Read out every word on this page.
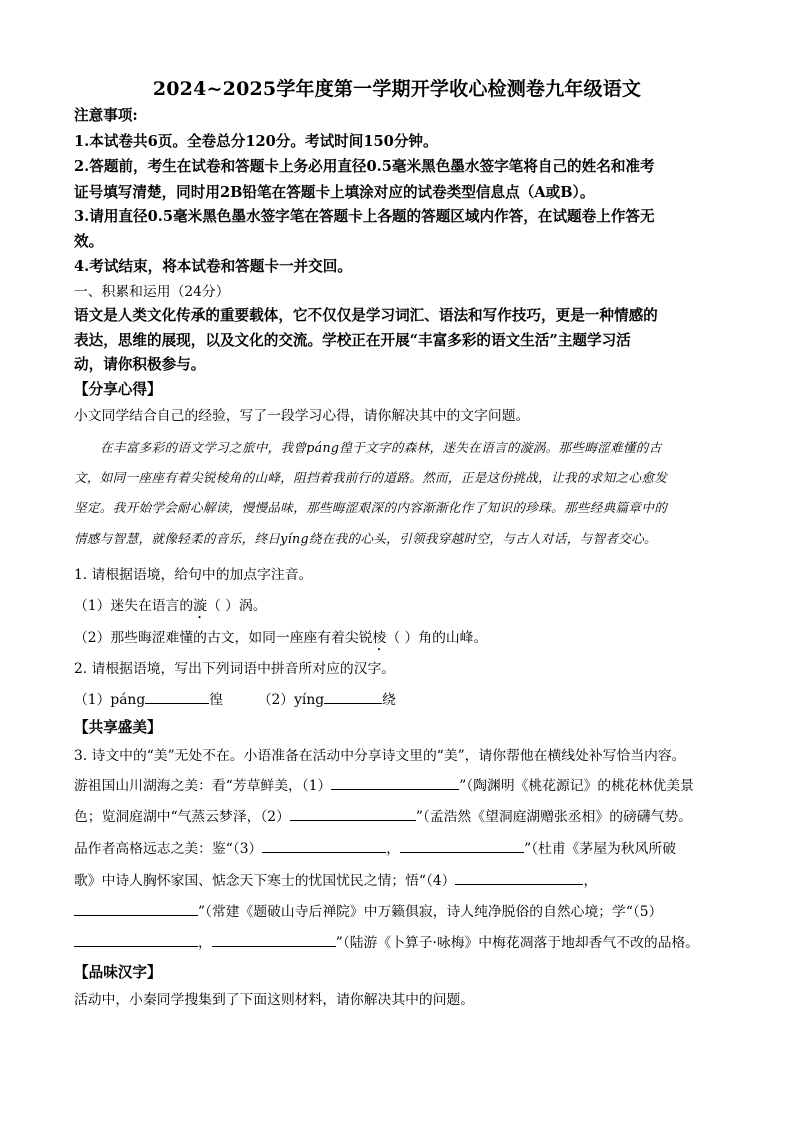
2024~2025学年度第一学期开学收心检测卷九年级语文
注意事项:
1.本试卷共6页。全卷总分120分。考试时间150分钟。
2.答题前，考生在试卷和答题卡上务必用直径0.5毫米黑色墨水签字笔将自己的姓名和准考
证号填写清楚，同时用2B铅笔在答题卡上填涂对应的试卷类型信息点（A或B）。
3.请用直径0.5毫米黑色墨水签字笔在答题卡上各题的答题区域内作答，在试题卷上作答无
效。
4.考试结束，将本试卷和答题卡一并交回。
一、积累和运用（24分）
语文是人类文化传承的重要载体，它不仅仅是学习词汇、语法和写作技巧，更是一种情感的
表达，思维的展现，以及文化的交流。学校正在开展“丰富多彩的语文生活”主题学习活
动，请你积极参与。
【分享心得】
小文同学结合自己的经验，写了一段学习心得，请你解决其中的文字问题。
在丰富多彩的语文学习之旅中，我曾páng徨于文字的森林，迷失在语言的漩涡。那些晦涩难懂的古
文，如同一座座有着尖锐棱角的山峰，阻挡着我前行的道路。然而，正是这份挑战，让我的求知之心愈发
坚定。我开始学会耐心解读，慢慢品味，那些晦涩艰深的内容渐渐化作了知识的珍珠。那些经典篇章中的
情感与智慧，就像轻柔的音乐，终日yíng绕在我的心头，引领我穿越时空，与古人对话，与智者交心。
1. 请根据语境，给句中的加点字注音。
（1）迷失在语言的漩（ ）涡。
（2）那些晦涩难懂的古文，如同一座座有着尖锐棱（ ）角的山峰。
2. 请根据语境，写出下列词语中拼音所对应的汉字。
（1）páng	徨	（2）yíng	绕
【共享盛美】
3. 诗文中的“美”无处不在。小语准备在活动中分享诗文里的“美”，请你帮他在横线处补写恰当内容。
游祖国山川湖海之美：看“芳草鲜美，（1）	”（陶渊明《桃花源记》的桃花林优美景
色；览洞庭湖中“气蒸云梦泽，（2）	”（孟浩然《望洞庭湖赠张丞相》的磅礴气势。
品作者高格远志之美：鉴“（3）	，	”（杜甫《茅屋为秋风所破
歌》中诗人胸怀家国、惦念天下寒士的忧国忧民之情；悟“（4）	，
”（常建《题破山寺后禅院》中万籁俱寂，诗人纯净脱俗的自然心境；学“（5）
，	”（陆游《卜算子·咏梅》中梅花凋落于地却香气不改的品格。
【品味汉字】
活动中，小秦同学搜集到了下面这则材料，请你解决其中的问题。
